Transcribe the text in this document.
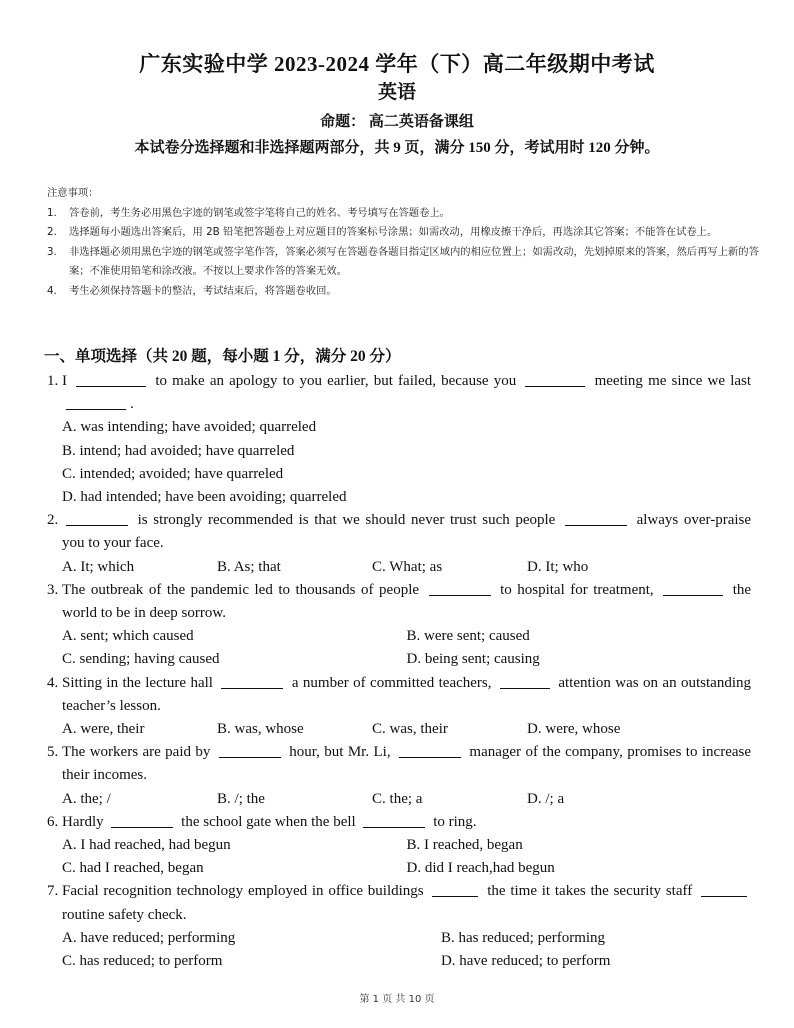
广东实验中学 2023-2024 学年（下）高二年级期中考试
英语
命题： 高二英语备课组
本试卷分选择题和非选择题两部分，共 9 页，满分 150 分，考试用时 120 分钟。
注意事项：
1. 答卷前，考生务必用黑色字迹的钢笔或签字笔将自己的姓名、考号填写在答题卷上。
2. 选择题每小题选出答案后，用 2B 铅笔把答题卷上对应题目的答案标号涂黑；如需改动，用橡皮擦干净后，再选涂其它答案；不能答在试卷上。
3. 非选择题必须用黑色字迹的钢笔或签字笔作答，答案必须写在答题卷各题目指定区域内的相应位置上；如需改动，先划掉原来的答案，然后再写上新的答案；不准使用铅笔和涂改液。不按以上要求作答的答案无效。
4. 考生必须保持答题卡的整洁，考试结束后，将答题卷收回。
一、单项选择（共 20 题，每小题 1 分，满分 20 分）
1. I	to make an apology to you earlier, but failed, because you	meeting me since we last .
A. was intending; have avoided; quarreled
B. intend; had avoided; have quarreled
C. intended; avoided; have quarreled
D. had intended; have been avoiding; quarreled
2.	is strongly recommended is that we should never trust such people	always over-praise you to your face.
A. It; which	B. As; that	C. What; as	D. It; who
3. The outbreak of the pandemic led to thousands of people	to hospital for treatment,	the world to be in deep sorrow.
A. sent; which caused	B. were sent; caused
C. sending; having caused	D. being sent; causing
4. Sitting in the lecture hall	a number of committed teachers,	attention was on an outstanding teacher’s lesson.
A. were, their	B. was, whose	C. was, their	D. were, whose
5. The workers are paid by	hour, but Mr. Li,	manager of the company, promises to increase their incomes.
A. the; /	B. /; the	C. the; a	D. /; a
6. Hardly	the school gate when the bell	to ring.
A. I had reached, had begun	B. I reached, began
C. had I reached, began	D. did I reach,had begun
7. Facial recognition technology employed in office buildings	the time it takes the security staff  routine safety check.
A. have reduced; performing	B. has reduced; performing
C. has reduced; to perform	D. have reduced; to perform
第 1 页 共 10 页
